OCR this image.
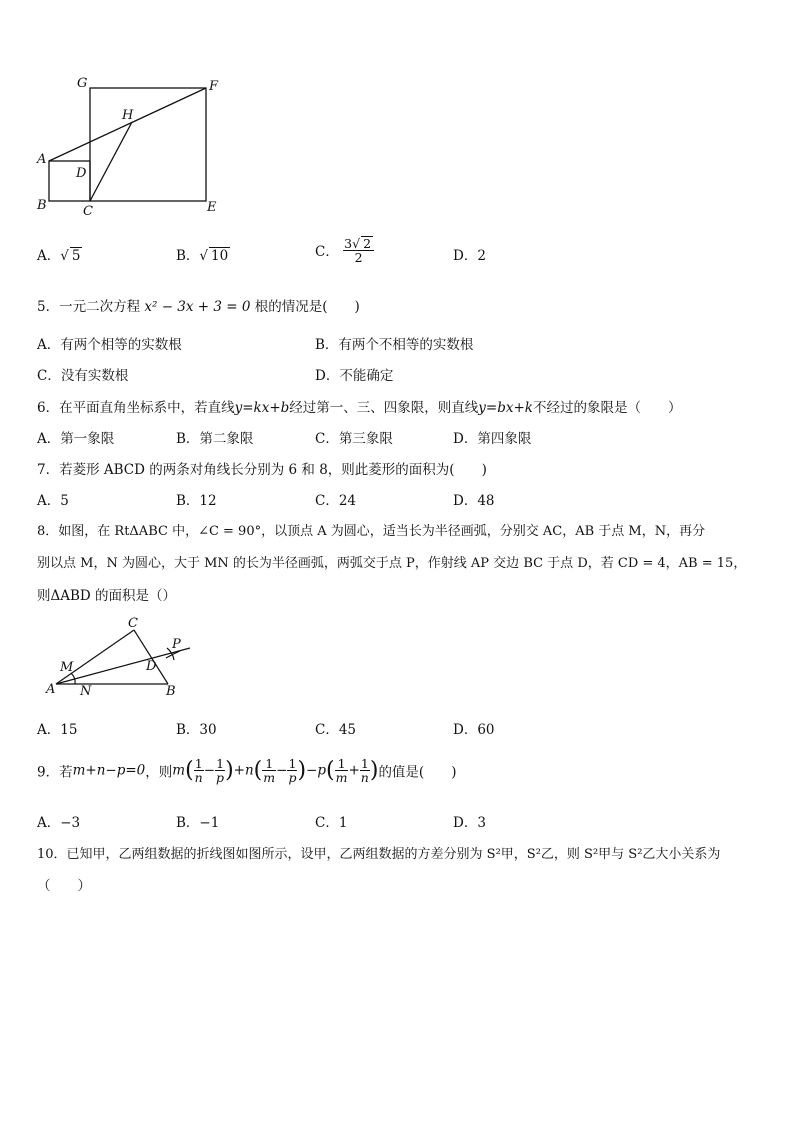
G	F
H
A
D
B	C	E
A．√ 5	B．√ 10	C． $\frac{3√ 2}{2}$	D．2
5．一元二次方程 x² − 3x + 3 = 0 根的情况是(　　)
A．有两个相等的实数根	B．有两个不相等的实数根
C．没有实数根	D．不能确定
6．在平面直角坐标系中，若直线y=kx+b经过第一、三、四象限，则直线y=bx+k不经过的象限是（　　）
A．第一象限	B．第二象限	C．第三象限	D．第四象限
7．若菱形 ABCD 的两条对角线长分别为 6 和 8，则此菱形的面积为(　　)
A．5	B．12	C．24	D．48
8．如图，在 RtΔABC 中，∠C = 90°，以顶点 A 为圆心，适当长为半径画弧，分别交 AC，AB 于点 M，N，再分
别以点 M，N 为圆心，大于 MN 的长为半径画弧，两弧交于点 P，作射线 AP 交边 BC 于点 D，若 CD = 4，AB = 15，
则ΔABD 的面积是（）
C
P
M	D
A N	B
A．15	B．30	C．45	D．60
9．若m+n−p=0，则$m( \frac{1}{n} - \frac{1}{p} )+n( \frac{1}{m} - \frac{1}{p} )-p( \frac{1}{m} + \frac{1}{n}$ )的值是(　　)
A．−3	B．−1	C．1	D．3
10．已知甲，乙两组数据的折线图如图所示，设甲，乙两组数据的方差分别为 S²甲，S²乙，则 S²甲与 S²乙大小关系为
（　　）
